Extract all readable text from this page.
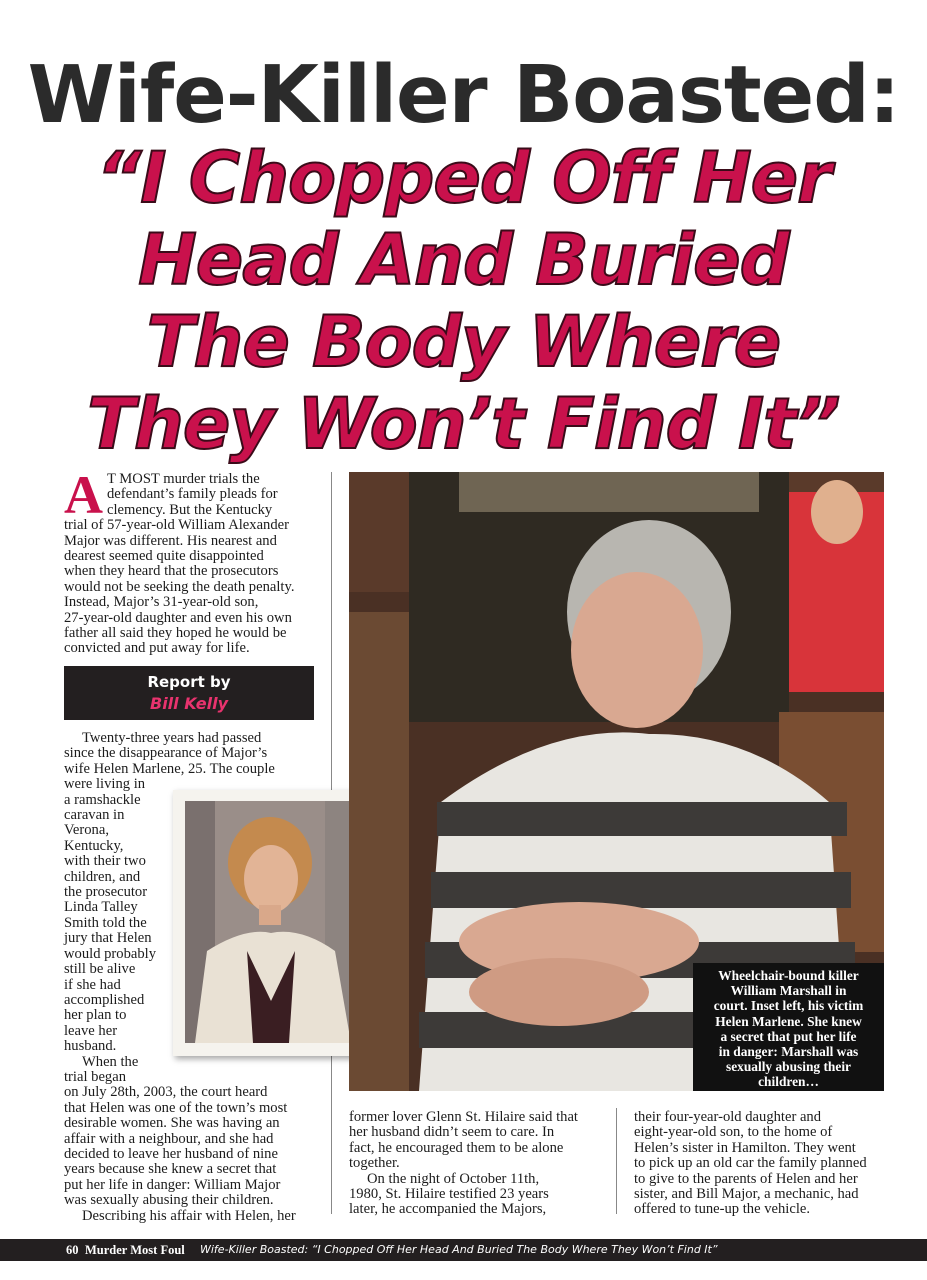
Wife-Killer Boasted:
“I Chopped Off Her
Head And Buried
The Body Where
They Won’t Find It”
A T MOST murder trials the
defendant’s family pleads for
clemency. But the Kentucky
trial of 57-year-old William Alexander
Major was different. His nearest and
dearest seemed quite disappointed
when they heard that the prosecutors
would not be seeking the death penalty.
Instead, Major’s 31-year-old son,
27-year-old daughter and even his own
father all said they hoped he would be
convicted and put away for life.
Report by
Bill Kelly
Twenty-three years had passed
since the disappearance of Major’s
wife Helen Marlene, 25. The couple
were living in
a ramshackle
caravan in
Verona,
Kentucky,
with their two
children, and
the prosecutor
Linda Talley
Smith told the
jury that Helen
would probably
still be alive
if she had
accomplished
her plan to
leave her
husband.
When the
trial began
on July 28th, 2003, the court heard
that Helen was one of the town’s most
desirable women. She was having an
affair with a neighbour, and she had
decided to leave her husband of nine
years because she knew a secret that
put her life in danger: William Major
was sexually abusing their children.
Describing his affair with Helen, her
Wheelchair-bound killer
William Marshall in
court. Inset left, his victim
Helen Marlene. She knew
a secret that put her life
in danger: Marshall was
sexually abusing their
children…
former lover Glenn St. Hilaire said that
her husband didn’t seem to care. In
fact, he encouraged them to be alone
together.
On the night of October 11th,
1980, St. Hilaire testified 23 years
later, he accompanied the Majors,
their four-year-old daughter and
eight-year-old son, to the home of
Helen’s sister in Hamilton. They went
to pick up an old car the family planned
to give to the parents of Helen and her
sister, and Bill Major, a mechanic, had
offered to tune-up the vehicle.
60 Murder Most Foul Wife-Killer Boasted: “I Chopped Off Her Head And Buried The Body Where They Won’t Find It”
